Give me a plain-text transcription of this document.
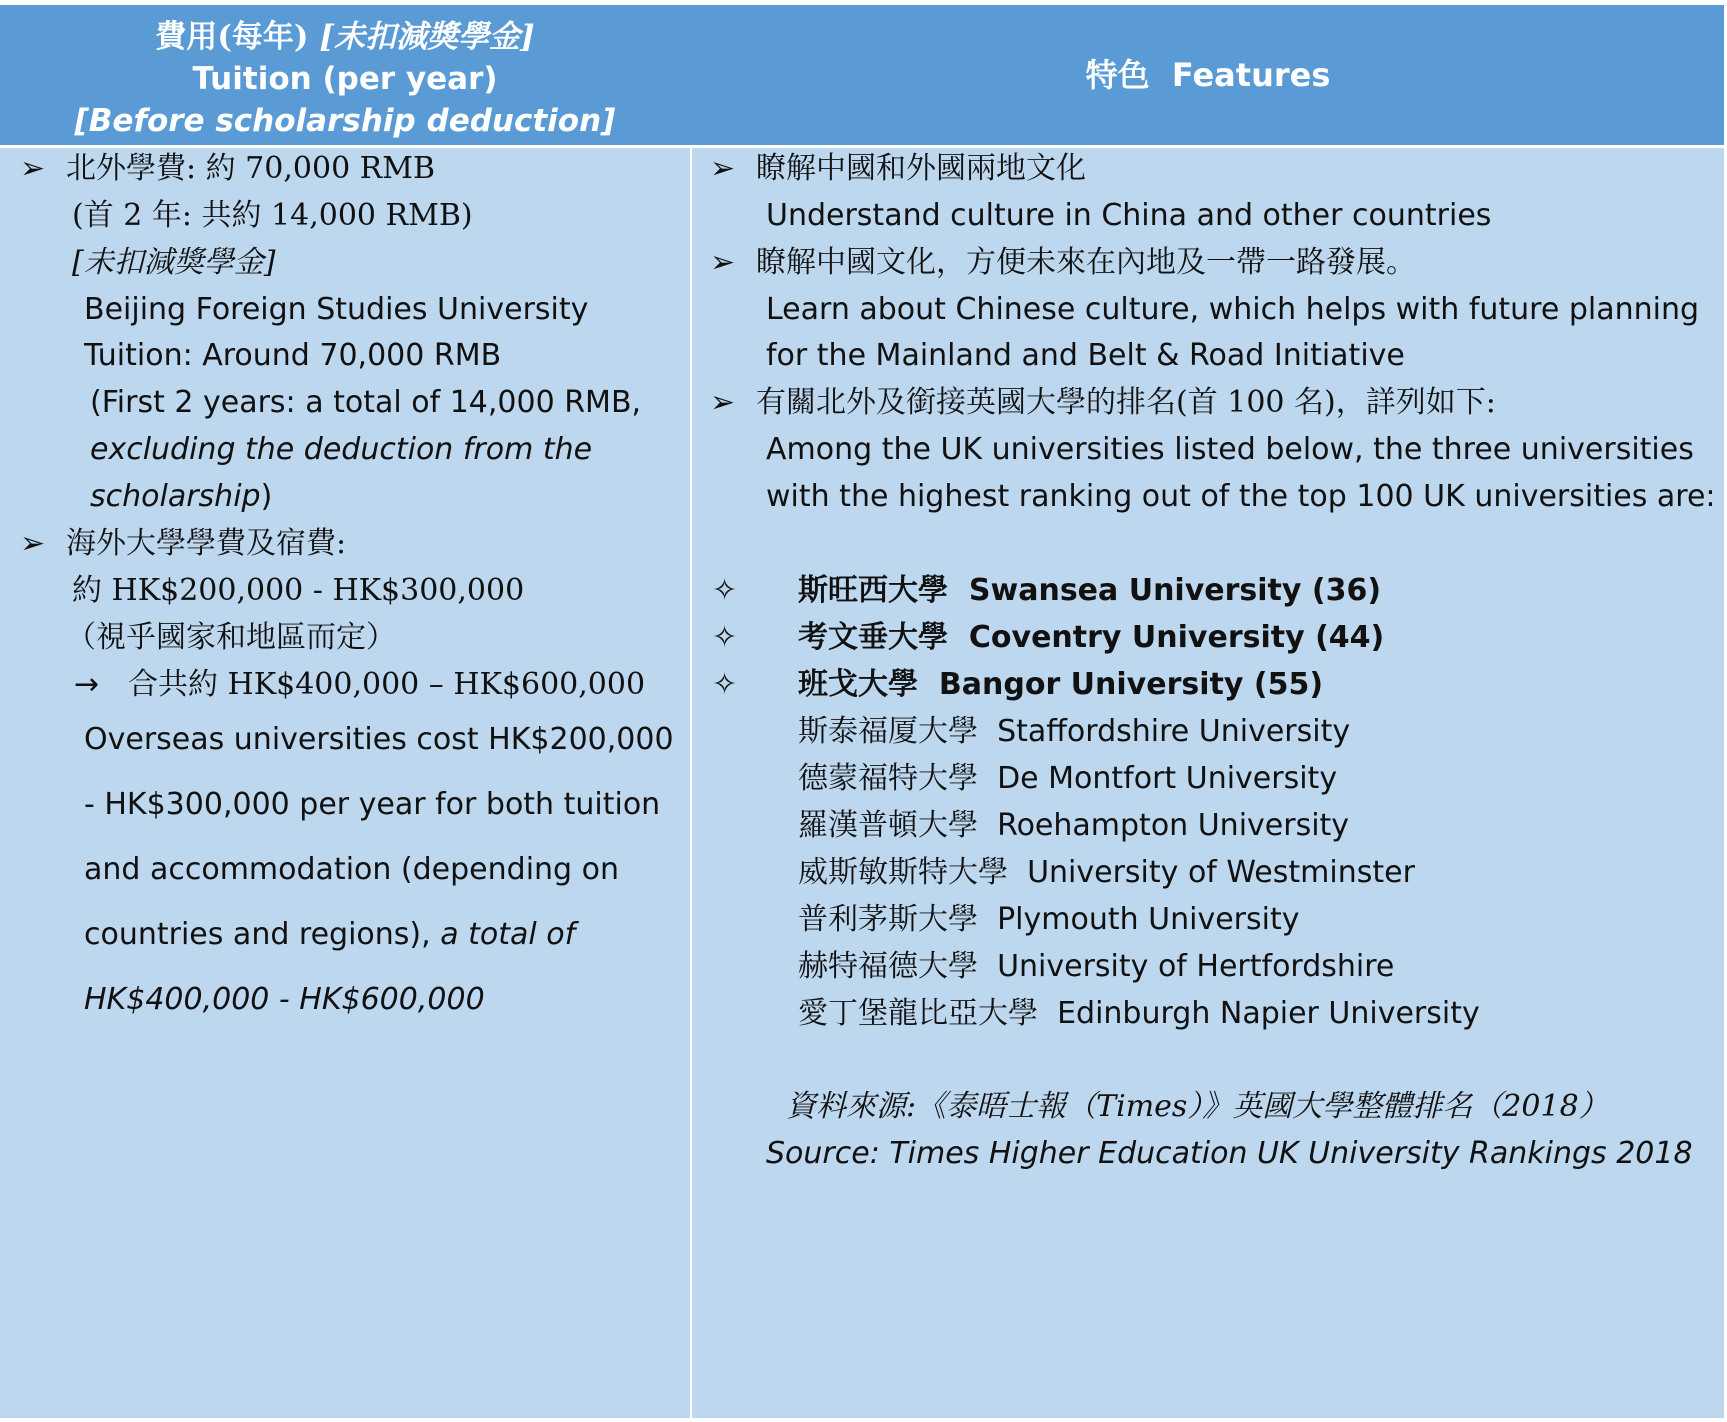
費用(每年) [未扣減獎學金]
Tuition (per year)
[Before scholarship deduction]
特色 Features
➢ 北外學費: 約 70,000 RMB
(首 2 年: 共約 14,000 RMB)
[未扣減獎學金]
Beijing Foreign Studies University
Tuition: Around 70,000 RMB
(First 2 years: a total of 14,000 RMB,
excluding the deduction from the
scholarship)
➢ 海外大學學費及宿費:
約 HK$200,000 - HK$300,000
（視乎國家和地區而定）
→ 合共約 HK$400,000 – HK$600,000
Overseas universities cost HK$200,000
- HK$300,000 per year for both tuition
and accommodation (depending on
countries and regions), a total of
HK$400,000 - HK$600,000
➢ 瞭解中國和外國兩地文化
Understand culture in China and other countries
➢ 瞭解中國文化，方便未來在內地及一帶一路發展。
Learn about Chinese culture, which helps with future planning
for the Mainland and Belt & Road Initiative
➢ 有關北外及銜接英國大學的排名(首 100 名)，詳列如下:
Among the UK universities listed below, the three universities
with the highest ranking out of the top 100 UK universities are:
✧ 斯旺西大學 Swansea University (36)
✧ 考文垂大學 Coventry University (44)
✧ 班戈大學 Bangor University (55)
斯泰福厦大學 Staffordshire University
德蒙福特大學 De Montfort University
羅漢普頓大學 Roehampton University
威斯敏斯特大學 University of Westminster
普利茅斯大學 Plymouth University
赫特福德大學 University of Hertfordshire
愛丁堡龍比亞大學 Edinburgh Napier University
資料來源:《泰晤士報（Times）》英國大學整體排名（2018）
Source: Times Higher Education UK University Rankings 2018
